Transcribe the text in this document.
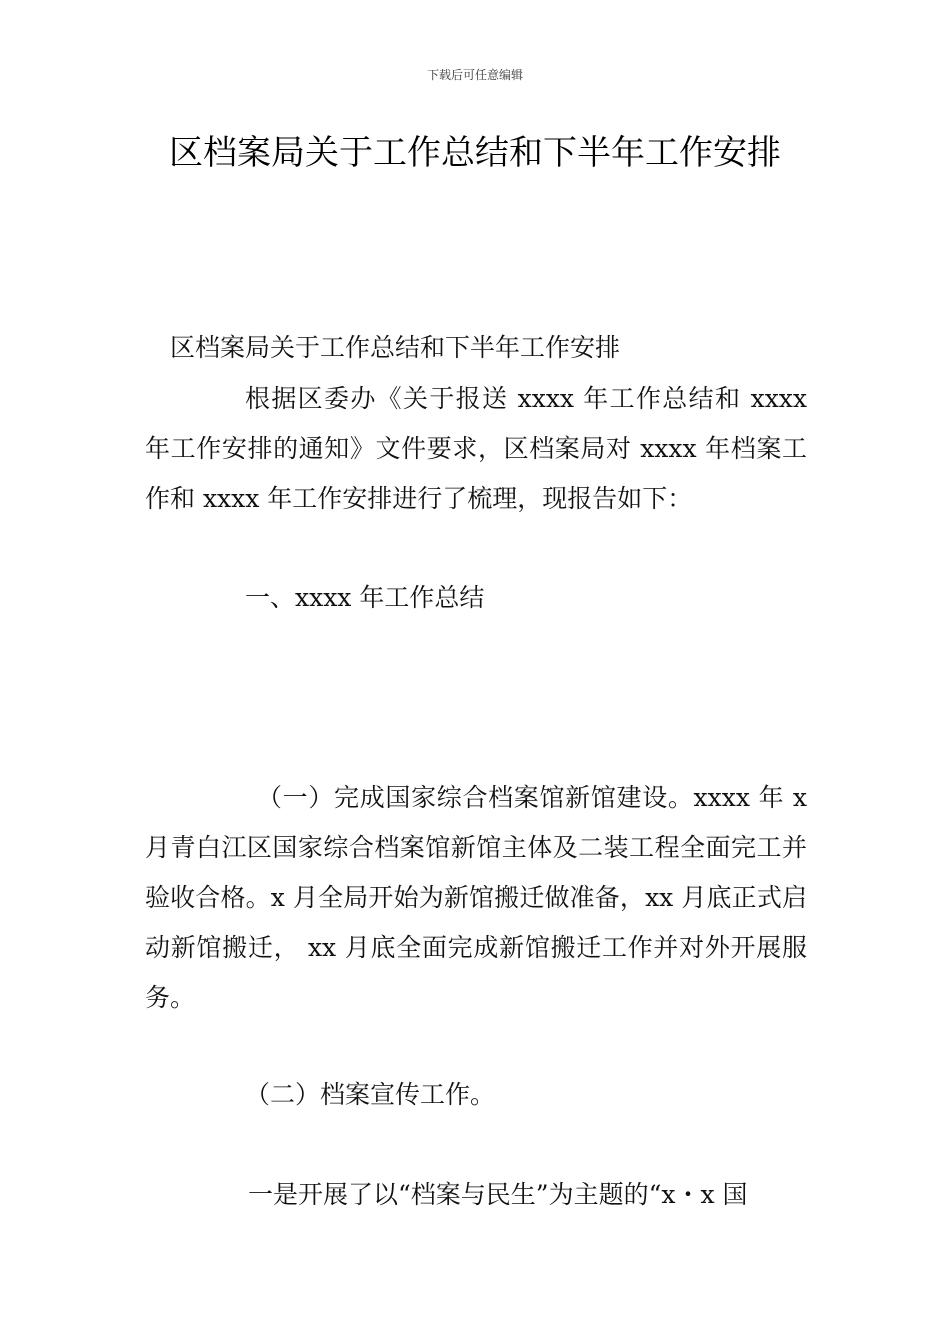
下载后可任意编辑
区档案局关于工作总结和下半年工作安排
区档案局关于工作总结和下半年工作安排

根据区委办《关于报送 xxxx 年工作总结和 xxxx 年工作安排的通知》文件要求，区档案局对 xxxx 年档案工作和 xxxx 年工作安排进行了梳理，现报告如下：

一、xxxx 年工作总结

（一）完成国家综合档案馆新馆建设。xxxx 年 x 月青白江区国家综合档案馆新馆主体及二装工程全面完工并验收合格。x 月全局开始为新馆搬迁做准备，xx 月底正式启动新馆搬迁， xx 月底全面完成新馆搬迁工作并对外开展服务。

（二）档案宣传工作。
一是开展了以“档案与民生”为主题的“x・x 国
